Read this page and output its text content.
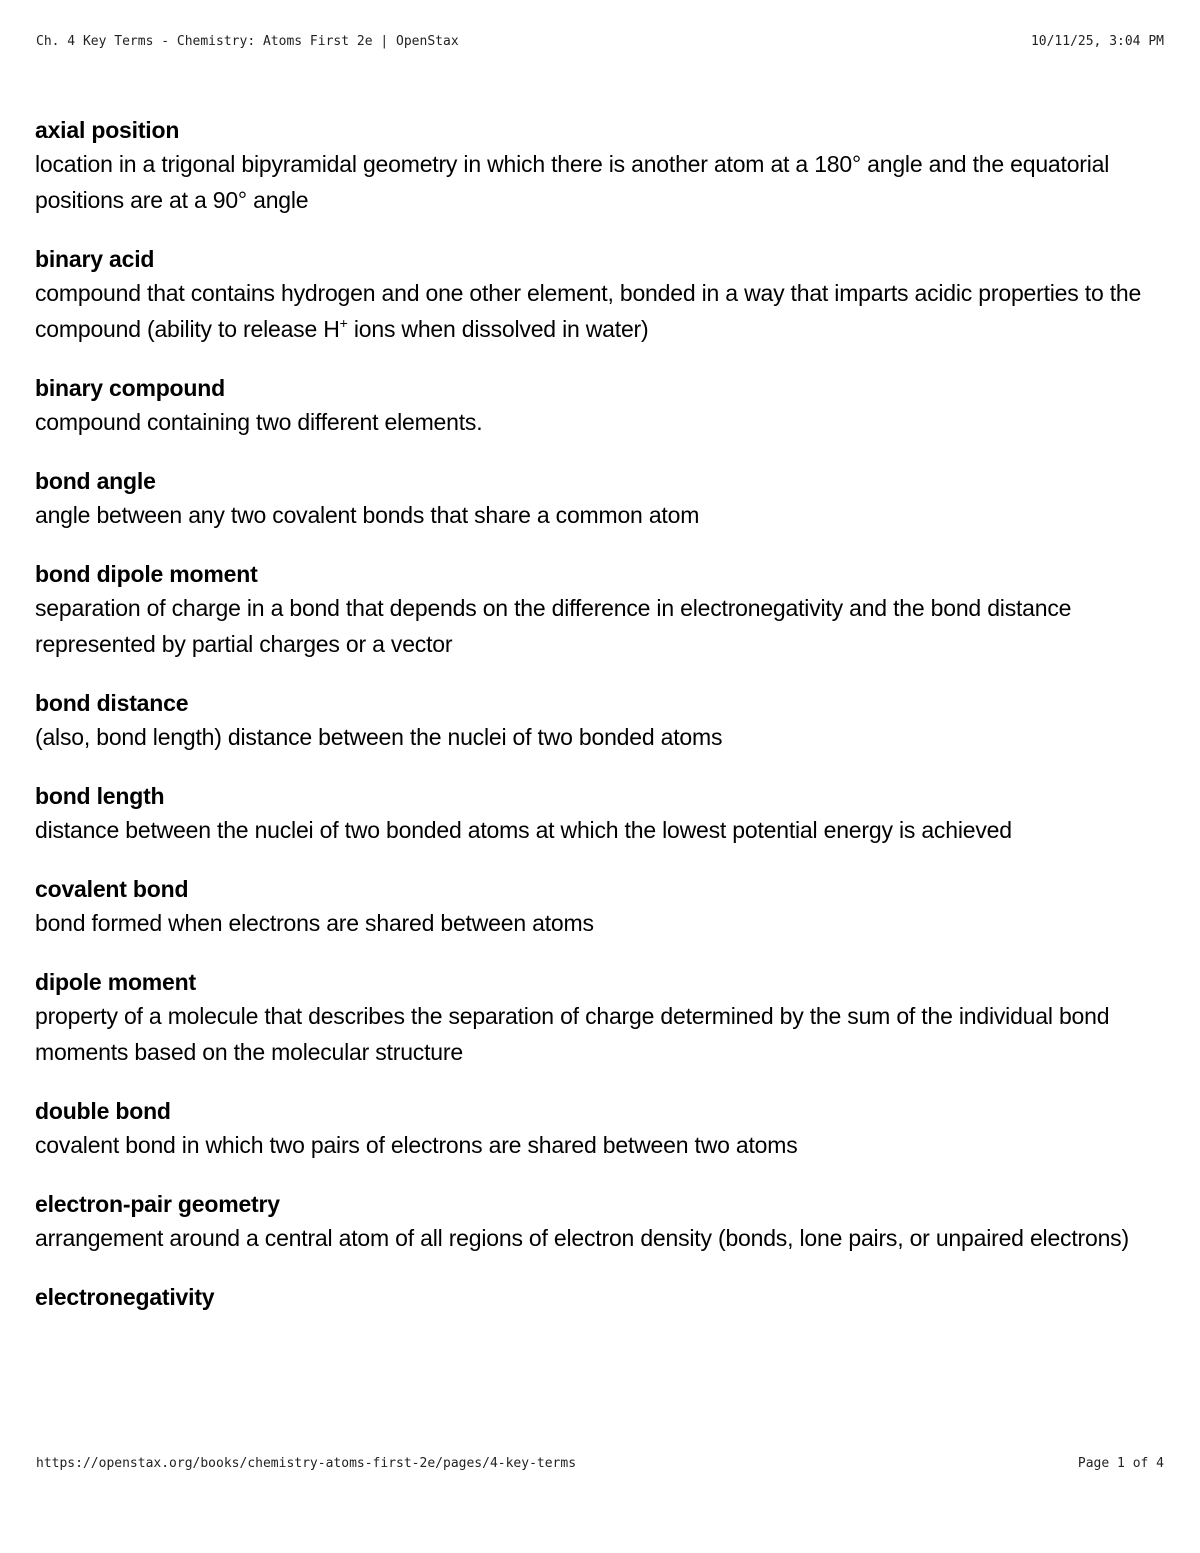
Ch. 4 Key Terms - Chemistry: Atoms First 2e | OpenStax	10/11/25, 3:04 PM
axial position
location in a trigonal bipyramidal geometry in which there is another atom at a 180° angle and the equatorial positions are at a 90° angle
binary acid
compound that contains hydrogen and one other element, bonded in a way that imparts acidic properties to the compound (ability to release H+ ions when dissolved in water)
binary compound
compound containing two different elements.
bond angle
angle between any two covalent bonds that share a common atom
bond dipole moment
separation of charge in a bond that depends on the difference in electronegativity and the bond distance represented by partial charges or a vector
bond distance
(also, bond length) distance between the nuclei of two bonded atoms
bond length
distance between the nuclei of two bonded atoms at which the lowest potential energy is achieved
covalent bond
bond formed when electrons are shared between atoms
dipole moment
property of a molecule that describes the separation of charge determined by the sum of the individual bond moments based on the molecular structure
double bond
covalent bond in which two pairs of electrons are shared between two atoms
electron-pair geometry
arrangement around a central atom of all regions of electron density (bonds, lone pairs, or unpaired electrons)
electronegativity
https://openstax.org/books/chemistry-atoms-first-2e/pages/4-key-terms	Page 1 of 4
